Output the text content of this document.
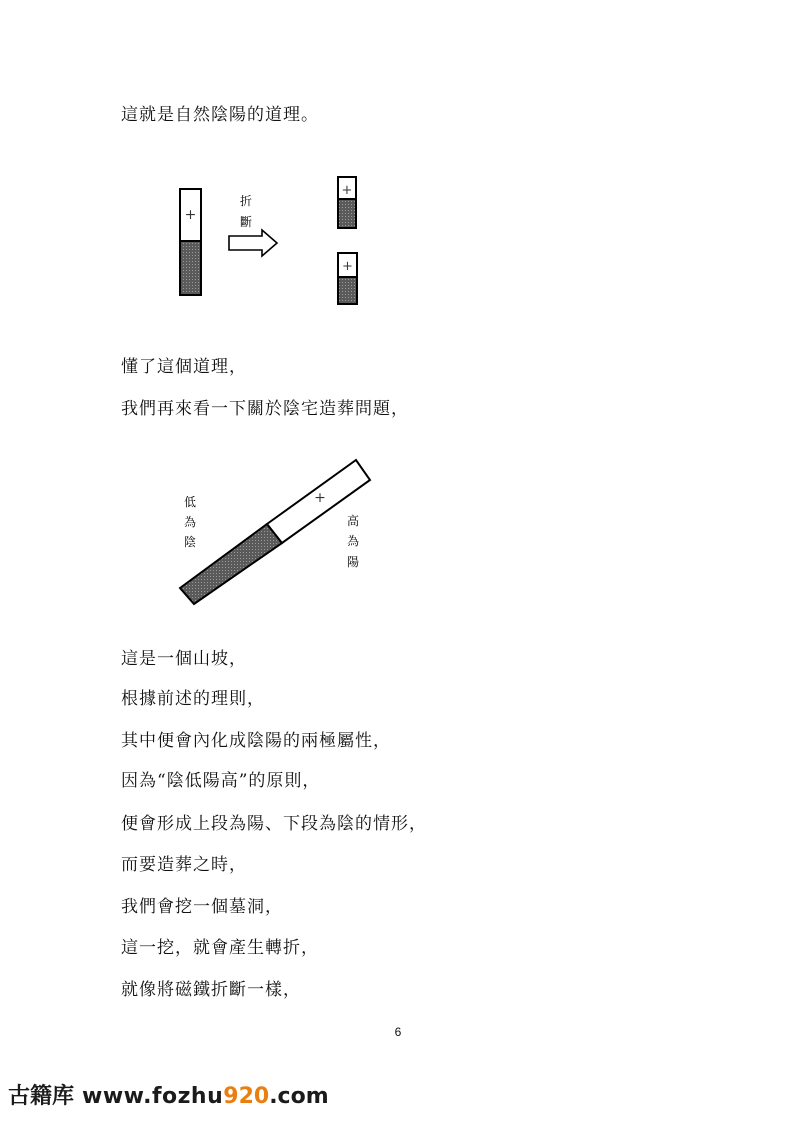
這就是自然陰陽的道理。
+
折
斷
+
+
懂了這個道理，
我們再來看一下關於陰宅造葬問題，
+
低
為
陰
高
為
陽
這是一個山坡，
根據前述的理則，
其中便會內化成陰陽的兩極屬性，
因為“陰低陽高”的原則，
便會形成上段為陽、下段為陰的情形，
而要造葬之時，
我們會挖一個墓洞，
這一挖，就會產生轉折，
就像將磁鐵折斷一樣，
6
古籍库 www.fozhu920.com
